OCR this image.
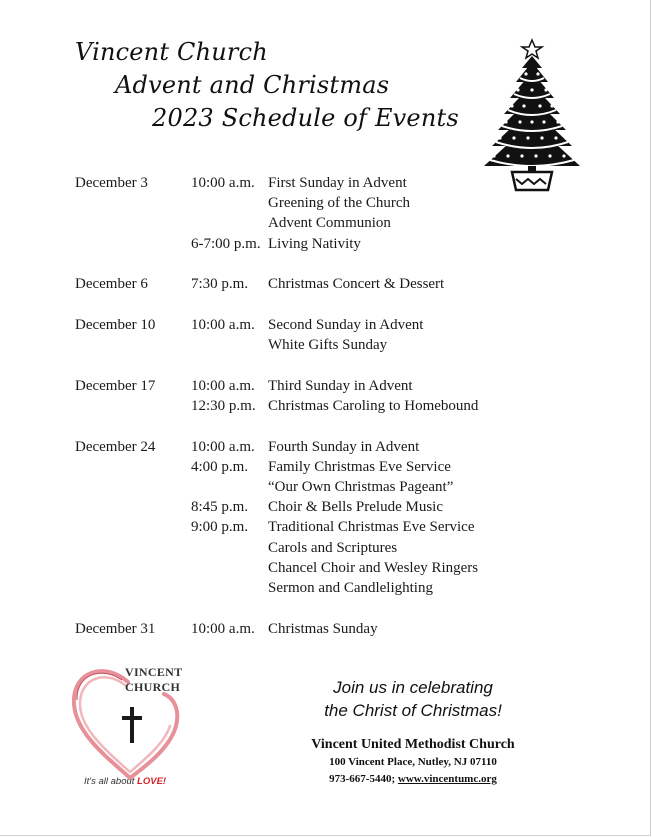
Vincent Church
Advent and Christmas
2023 Schedule of Events
December 3	10:00 a.m. First Sunday in Advent
Greening of the Church
Advent Communion
6-7:00 p.m. Living Nativity
December 6	7:30 p.m.	Christmas Concert & Dessert
December 10	10:00 a.m. Second Sunday in Advent
White Gifts Sunday
December 17	10:00 a.m. Third Sunday in Advent
12:30 p.m. Christmas Caroling to Homebound
December 24	10:00 a.m. Fourth Sunday in Advent
4:00 p.m.	Family Christmas Eve Service
“Our Own Christmas Pageant”
8:45 p.m.	Choir & Bells Prelude Music
9:00 p.m.	Traditional Christmas Eve Service
Carols and Scriptures
Chancel Choir and Wesley Ringers
Sermon and Candlelighting
December 31	10:00 a.m. Christmas Sunday
VINCENT
CHURCH
It's all about LOVE!
Join us in celebrating
the Christ of Christmas!
Vincent United Methodist Church
100 Vincent Place, Nutley, NJ 07110
973-667-5440; www.vincentumc.org
